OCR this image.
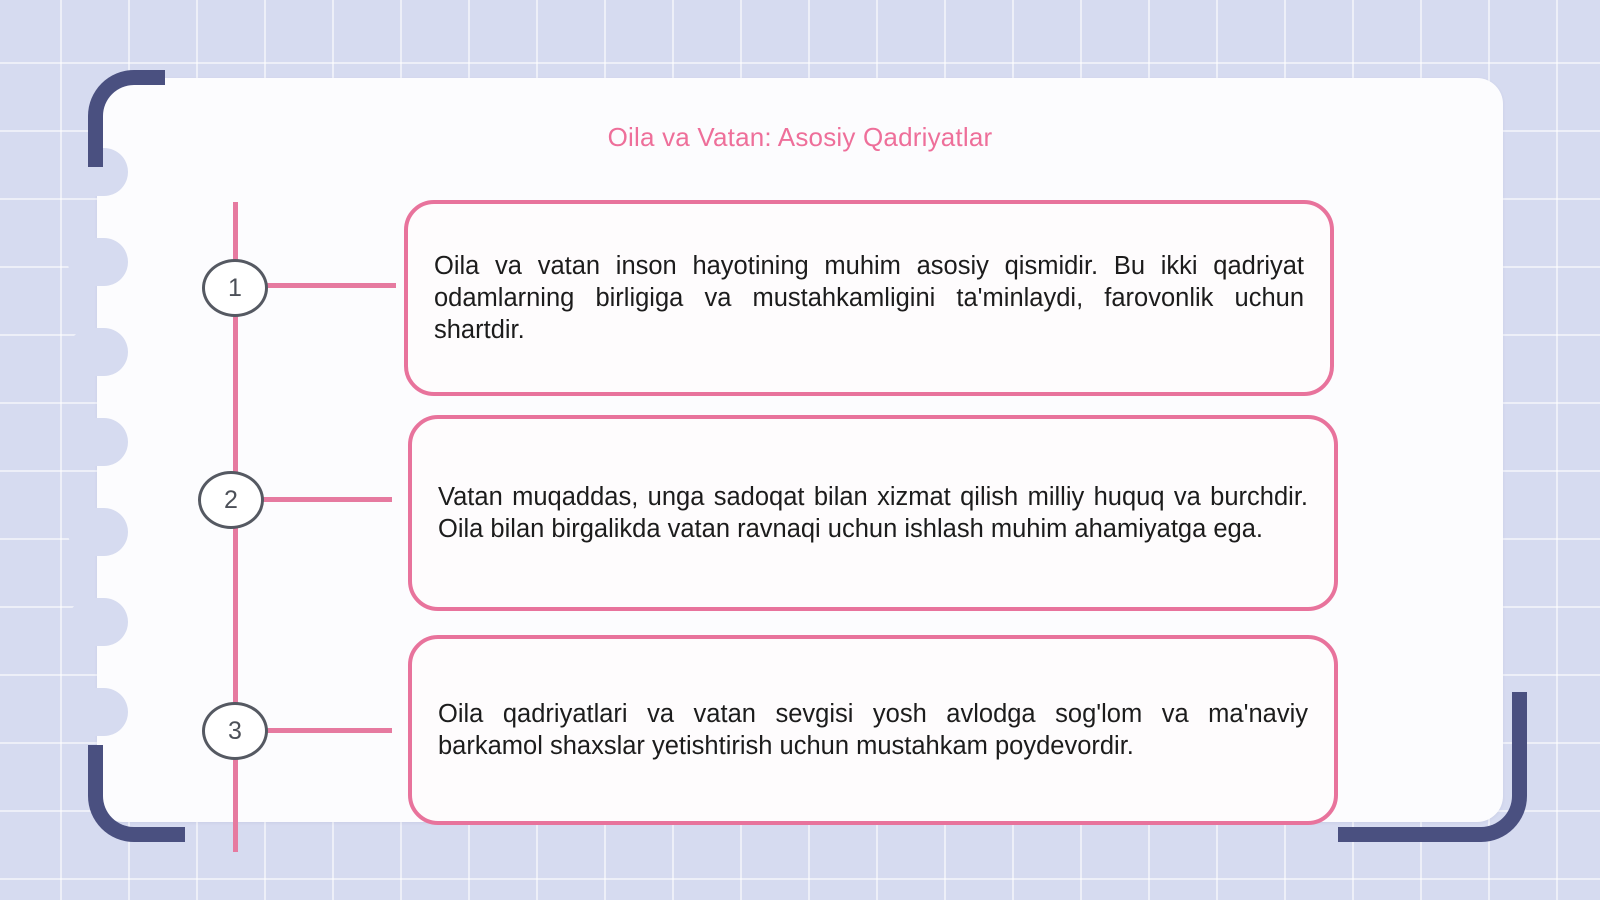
Oila va Vatan: Asosiy Qadriyatlar
1
2
3
Oila va vatan inson hayotining muhim asosiy qismidir. Bu ikki qadriyat odamlarning birligiga va mustahkamligini ta'minlaydi, farovonlik uchun shartdir.
Vatan muqaddas, unga sadoqat bilan xizmat qilish milliy huquq va burchdir. Oila bilan birgalikda vatan ravnaqi uchun ishlash muhim ahamiyatga ega.
Oila qadriyatlari va vatan sevgisi yosh avlodga sog'lom va ma'naviy barkamol shaxslar yetishtirish uchun mustahkam poydevordir.
